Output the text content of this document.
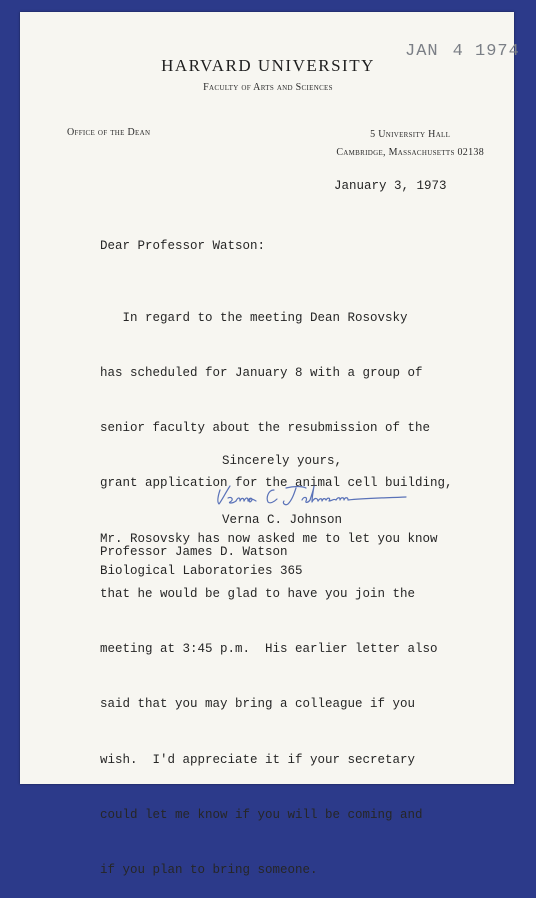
JAN 4 1974
HARVARD UNIVERSITY
Faculty of Arts and Sciences
Office of the Dean	5 University Hall
Cambridge, Massachusetts 02138
January 3, 1973
Dear Professor Watson:

In regard to the meeting Dean Rosovsky

has scheduled for January 8 with a group of

senior faculty about the resubmission of the

grant application for the animal cell building,

Mr. Rosovsky has now asked me to let you know

that he would be glad to have you join the

meeting at 3:45 p.m.  His earlier letter also

said that you may bring a colleague if you

wish.  I'd appreciate it if your secretary

could let me know if you will be coming and

if you plan to bring someone.

Sincerely yours,
Verna C. Johnson
Professor James D. Watson
Biological Laboratories 365
